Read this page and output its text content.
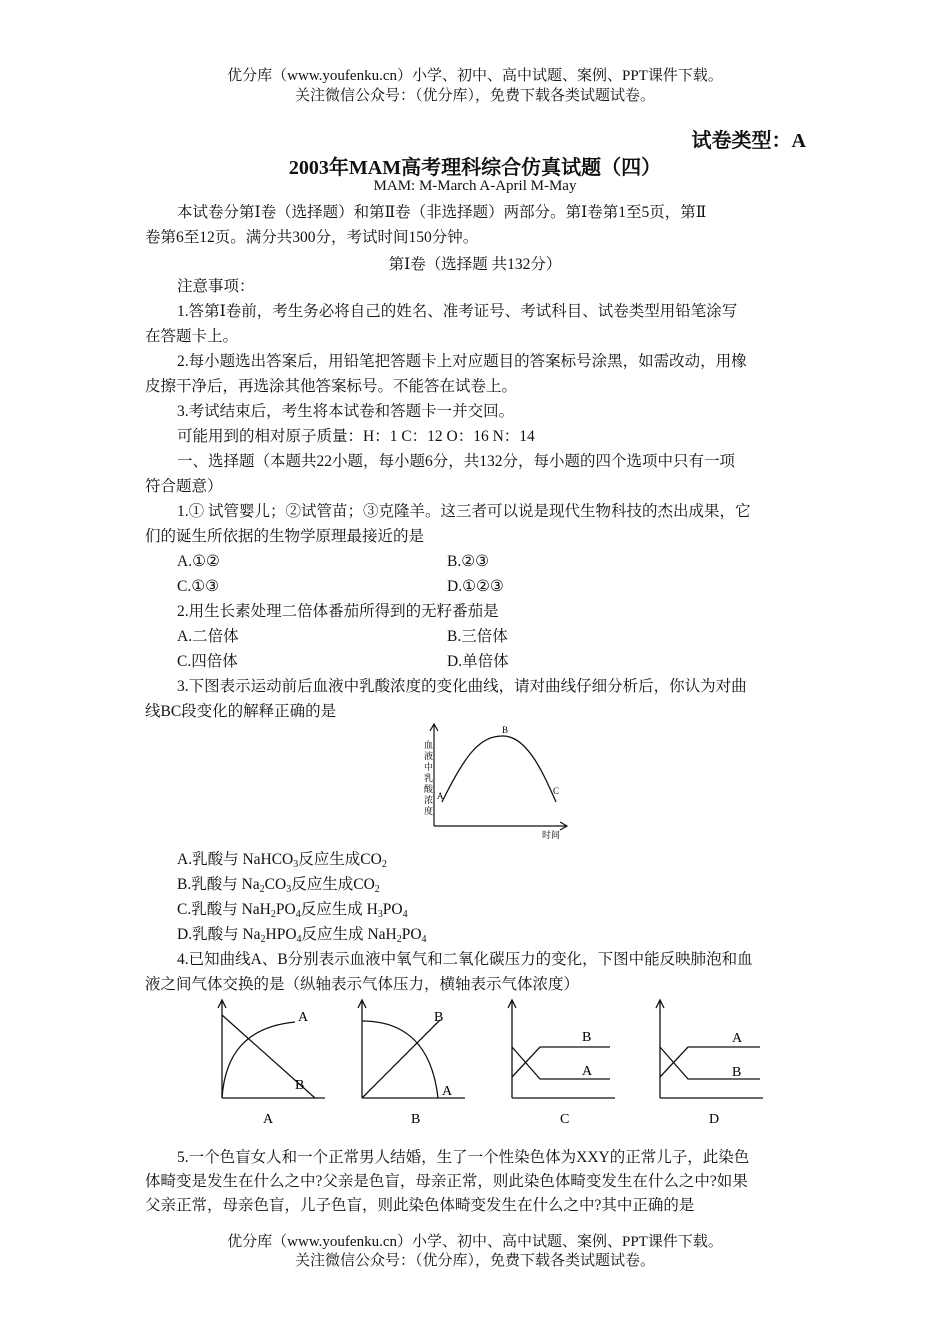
优分库（www.youfenku.cn）小学、初中、高中试题、案例、PPT课件下载。
关注微信公众号：（优分库），免费下载各类试题试卷。
试卷类型：A
2003年MAM高考理科综合仿真试题（四）
MAM: M-March A-April M-May
本试卷分第Ⅰ卷（选择题）和第Ⅱ卷（非选择题）两部分。第Ⅰ卷第1至5页，第Ⅱ
卷第6至12页。满分共300分，考试时间150分钟。
第Ⅰ卷（选择题 共132分）
注意事项：
1.答第Ⅰ卷前，考生务必将自己的姓名、准考证号、考试科目、试卷类型用铅笔涂写
在答题卡上。
2.每小题选出答案后，用铅笔把答题卡上对应题目的答案标号涂黑，如需改动，用橡
皮擦干净后，再选涂其他答案标号。不能答在试卷上。
3.考试结束后，考生将本试卷和答题卡一并交回。
可能用到的相对原子质量：H：1 C：12 O：16 N：14
一、选择题（本题共22小题，每小题6分，共132分，每小题的四个选项中只有一项
符合题意）
1.① 试管婴儿；②试管苗；③克隆羊。这三者可以说是现代生物科技的杰出成果，它
们的诞生所依据的生物学原理最接近的是
A.①②	B.②③
C.①③	D.①②③
2.用生长素处理二倍体番茄所得到的无籽番茄是
A.二倍体	B.三倍体
C.四倍体	D.单倍体
3.下图表示运动前后血液中乳酸浓度的变化曲线，请对曲线仔细分析后，你认为对曲
线BC段变化的解释正确的是
血
液
中
乳
酸
浓
度
时间
A
B
C
A.乳酸与 NaHCO$_3$反应生成$CO_2$
B.乳酸与 $Na_2CO_3$反应生成$CO_2$
C.乳酸与 $NaH_2PO_4$反应生成 $H_3PO_4$
D.乳酸与 $Na_2HPO_4$反应生成 $NaH_2PO_4$
4.已知曲线A、B分别表示血液中氧气和二氧化碳压力的变化，下图中能反映肺泡和血
液之间气体交换的是（纵轴表示气体压力，横轴表示气体浓度）
A
B
A
B
A
B
B
A
C
A
B
D
5.一个色盲女人和一个正常男人结婚，生了一个性染色体为XXY的正常儿子，此染色
体畸变是发生在什么之中?父亲是色盲，母亲正常，则此染色体畸变发生在什么之中?如果
父亲正常，母亲色盲，儿子色盲，则此染色体畸变发生在什么之中?其中正确的是
优分库（www.youfenku.cn）小学、初中、高中试题、案例、PPT课件下载。
关注微信公众号：（优分库），免费下载各类试题试卷。
